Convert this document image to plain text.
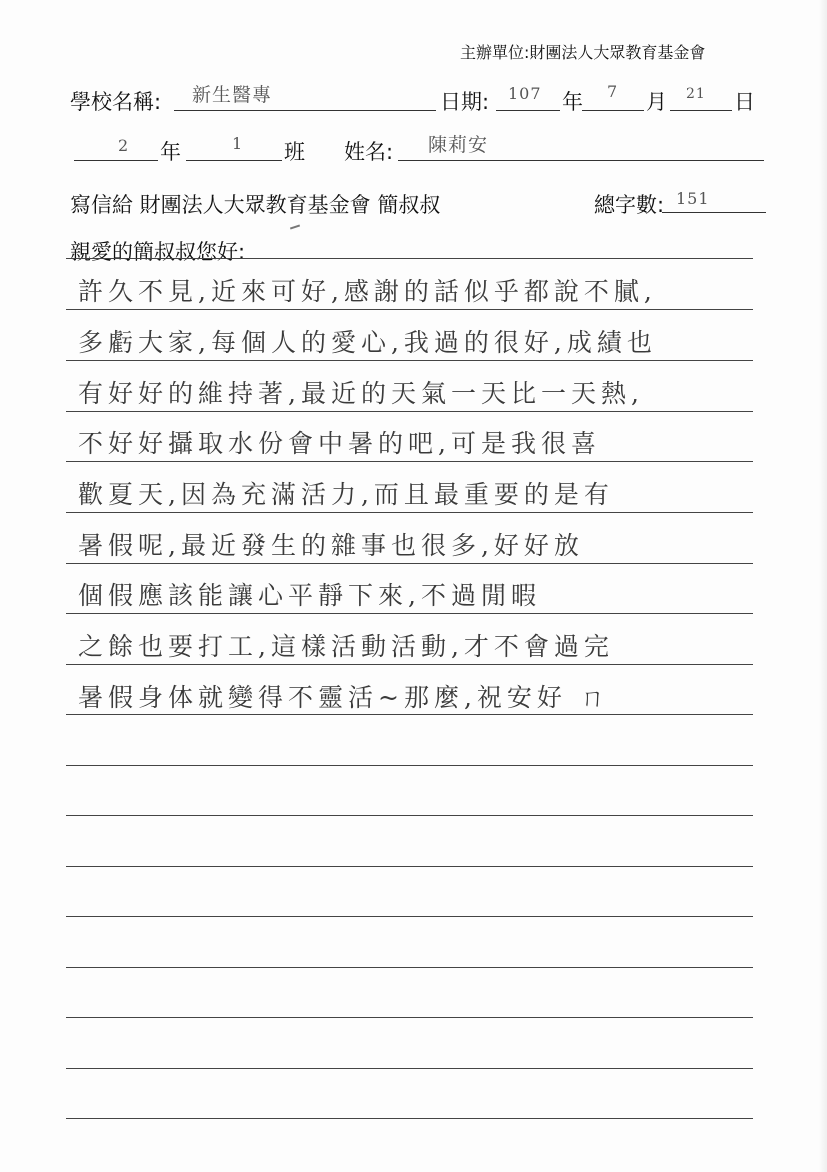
主辦單位:財團法人大眾教育基金會
學校名稱: 新生醫專	日期: 107 年 7 月 21 日
2 年	1 班 姓名: 陳莉安
寫信給 財團法人大眾教育基金會 簡叔叔	總字數: 151
親愛的簡叔叔您好:
許久不見,近來可好,感謝的話似乎都說不膩,
多虧大家,每個人的愛心,我過的很好,成績也
有好好的維持著,最近的天氣一天比一天熱,
不好好攝取水份會中暑的吧,可是我很喜
歡夏天,因為充滿活力,而且最重要的是有
暑假呢,最近發生的雜事也很多,好好放
個假應該能讓心平靜下來,不過閒暇
之餘也要打工,這樣活動活動,才不會過完
暑假身体就變得不靈活~那麼,祝安好 ㄇ
